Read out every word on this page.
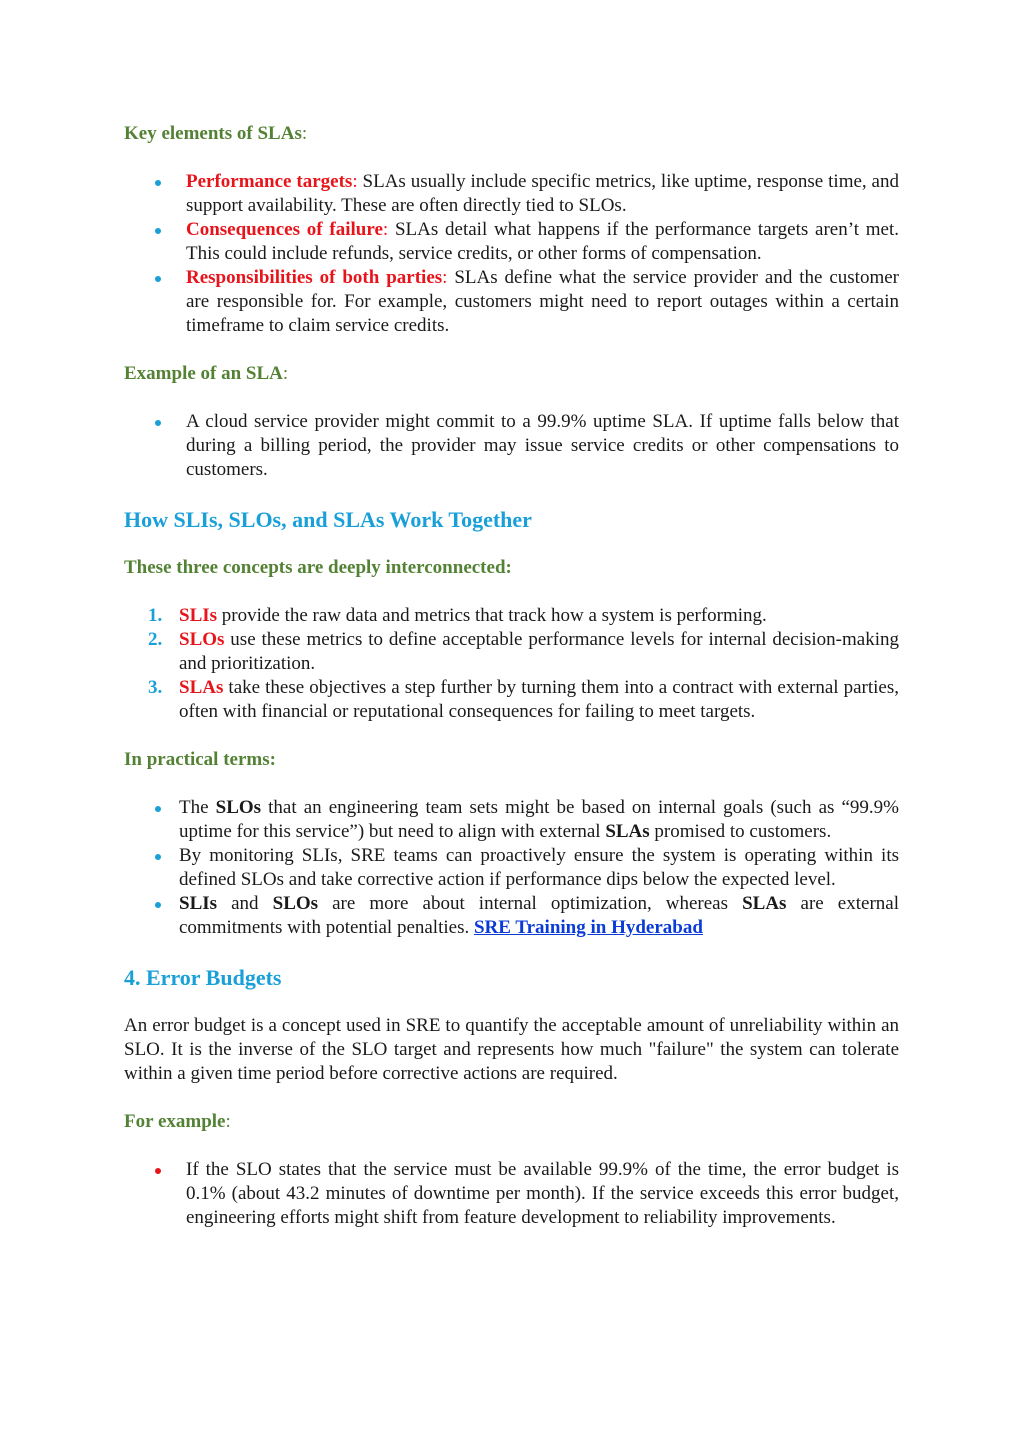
Key elements of SLAs:

Performance targets: SLAs usually include specific metrics, like uptime, response time, and support availability. These are often directly tied to SLOs.
Consequences of failure: SLAs detail what happens if the performance targets aren’t met. This could include refunds, service credits, or other forms of compensation.
Responsibilities of both parties: SLAs define what the service provider and the customer are responsible for. For example, customers might need to report outages within a certain timeframe to claim service credits.

Example of an SLA:

A cloud service provider might commit to a 99.9% uptime SLA. If uptime falls below that during a billing period, the provider may issue service credits or other compensations to customers.
How SLIs, SLOs, and SLAs Work Together

These three concepts are deeply interconnected:

1. SLIs provide the raw data and metrics that track how a system is performing.
2. SLOs use these metrics to define acceptable performance levels for internal decision-making and prioritization.
3. SLAs take these objectives a step further by turning them into a contract with external parties, often with financial or reputational consequences for failing to meet targets.

In practical terms:

The SLOs that an engineering team sets might be based on internal goals (such as “99.9% uptime for this service”) but need to align with external SLAs promised to customers.
By monitoring SLIs, SRE teams can proactively ensure the system is operating within its defined SLOs and take corrective action if performance dips below the expected level.
SLIs and SLOs are more about internal optimization, whereas SLAs are external commitments with potential penalties. SRE Training in Hyderabad
4. Error Budgets

An error budget is a concept used in SRE to quantify the acceptable amount of unreliability within an SLO. It is the inverse of the SLO target and represents how much "failure" the system can tolerate within a given time period before corrective actions are required.

For example:

If the SLO states that the service must be available 99.9% of the time, the error budget is 0.1% (about 43.2 minutes of downtime per month). If the service exceeds this error budget, engineering efforts might shift from feature development to reliability improvements.
